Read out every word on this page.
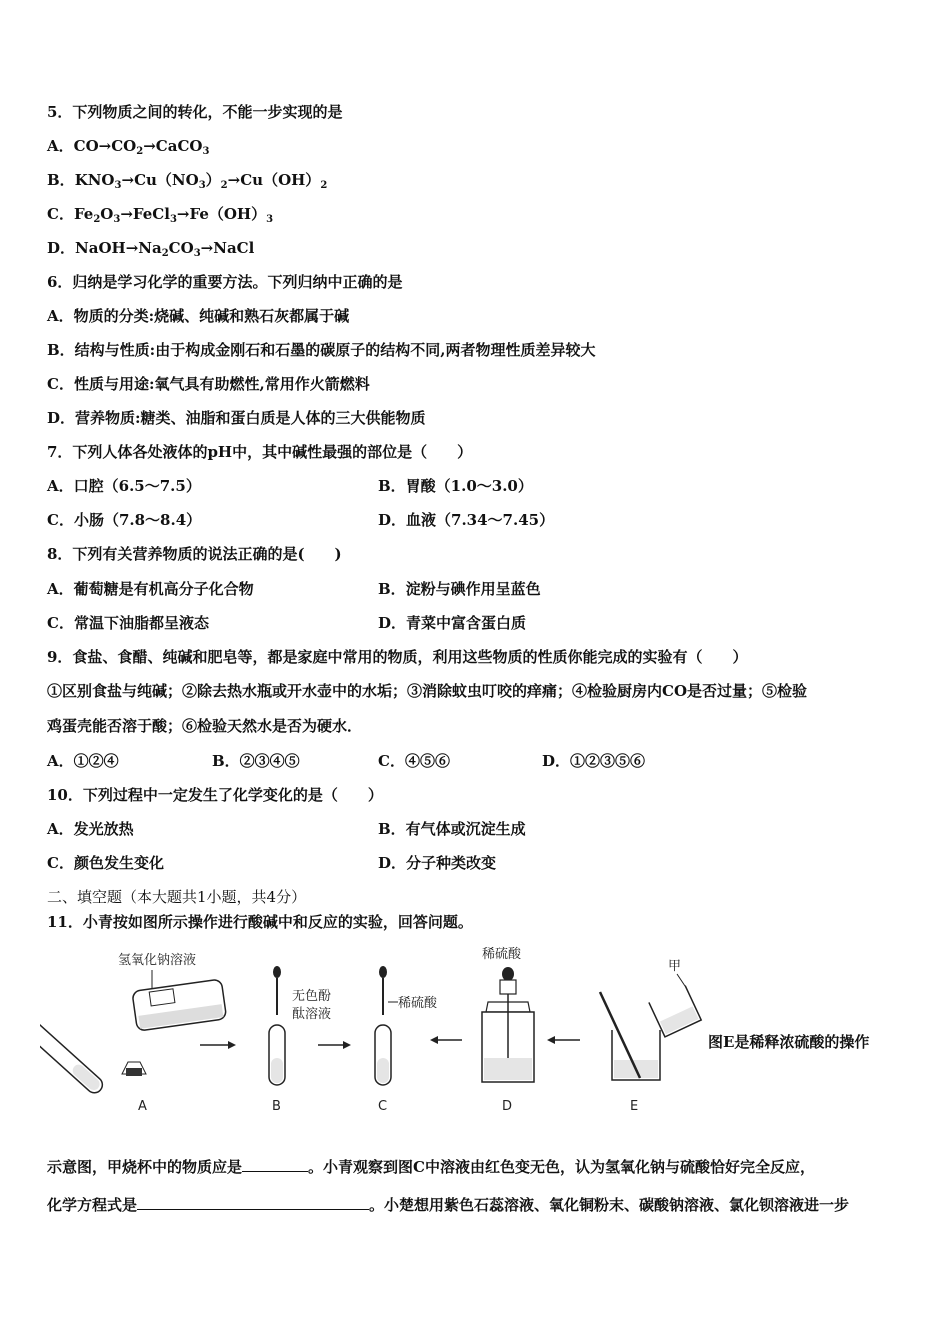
5．下列物质之间的转化，不能一步实现的是
A．$CO\to CO_2\to CaCO_3$
B．$KNO_3\to Cu(NO_3)_2\to Cu(OH)_2$
C．$Fe_2O_3\to FeCl_3\to Fe(OH)_3$
D．$NaOH\to Na_2CO_3\to NaCl$
6．归纳是学习化学的重要方法。下列归纳中正确的是
A．物质的分类:烧碱、纯碱和熟石灰都属于碱
B．结构与性质:由于构成金刚石和石墨的碳原子的结构不同,两者物理性质差异较大
C．性质与用途:氧气具有助燃性,常用作火箭燃料
D．营养物质:糖类、油脂和蛋白质是人体的三大供能物质
7．下列人体各处液体的pH中，其中碱性最强的部位是（　　）
A．口腔（6.5～7.5）	B．胃酸（1.0～3.0）
C．小肠（7.8～8.4）	D．血液（7.34～7.45）
8．下列有关营养物质的说法正确的是(　　)
A．葡萄糖是有机高分子化合物	B．淀粉与碘作用呈蓝色
C．常温下油脂都呈液态	D．青菜中富含蛋白质
9．食盐、食醋、纯碱和肥皂等，都是家庭中常用的物质，利用这些物质的性质你能完成的实验有（　　）
①区别食盐与纯碱；②除去热水瓶或开水壶中的水垢；③消除蚊虫叮咬的痒痛；④检验厨房内CO是否过量；⑤检验
鸡蛋壳能否溶于酸；⑥检验天然水是否为硬水．
A．①②④	B．②③④⑤	C．④⑤⑥	D．①②③⑤⑥
10．下列过程中一定发生了化学变化的是（　　）
A．发光放热	B．有气体或沉淀生成
C．颜色发生变化	D．分子种类改变
二、填空题（本大题共1小题，共4分）
11．小青按如图所示操作进行酸碱中和反应的实验，回答问题。
氢氧化钠溶液
A
无色酚
酞溶液
B
稀硫酸
C
稀硫酸
D
甲
E
图E是稀释浓硫酸的操作
示意图，甲烧杯中的物质应是	。小青观察到图C中溶液由红色变无色，认为氢氧化钠与硫酸恰好完全反应，
化学方程式是	。小楚想用紫色石蕊溶液、氧化铜粉末、碳酸钠溶液、氯化钡溶液进一步
